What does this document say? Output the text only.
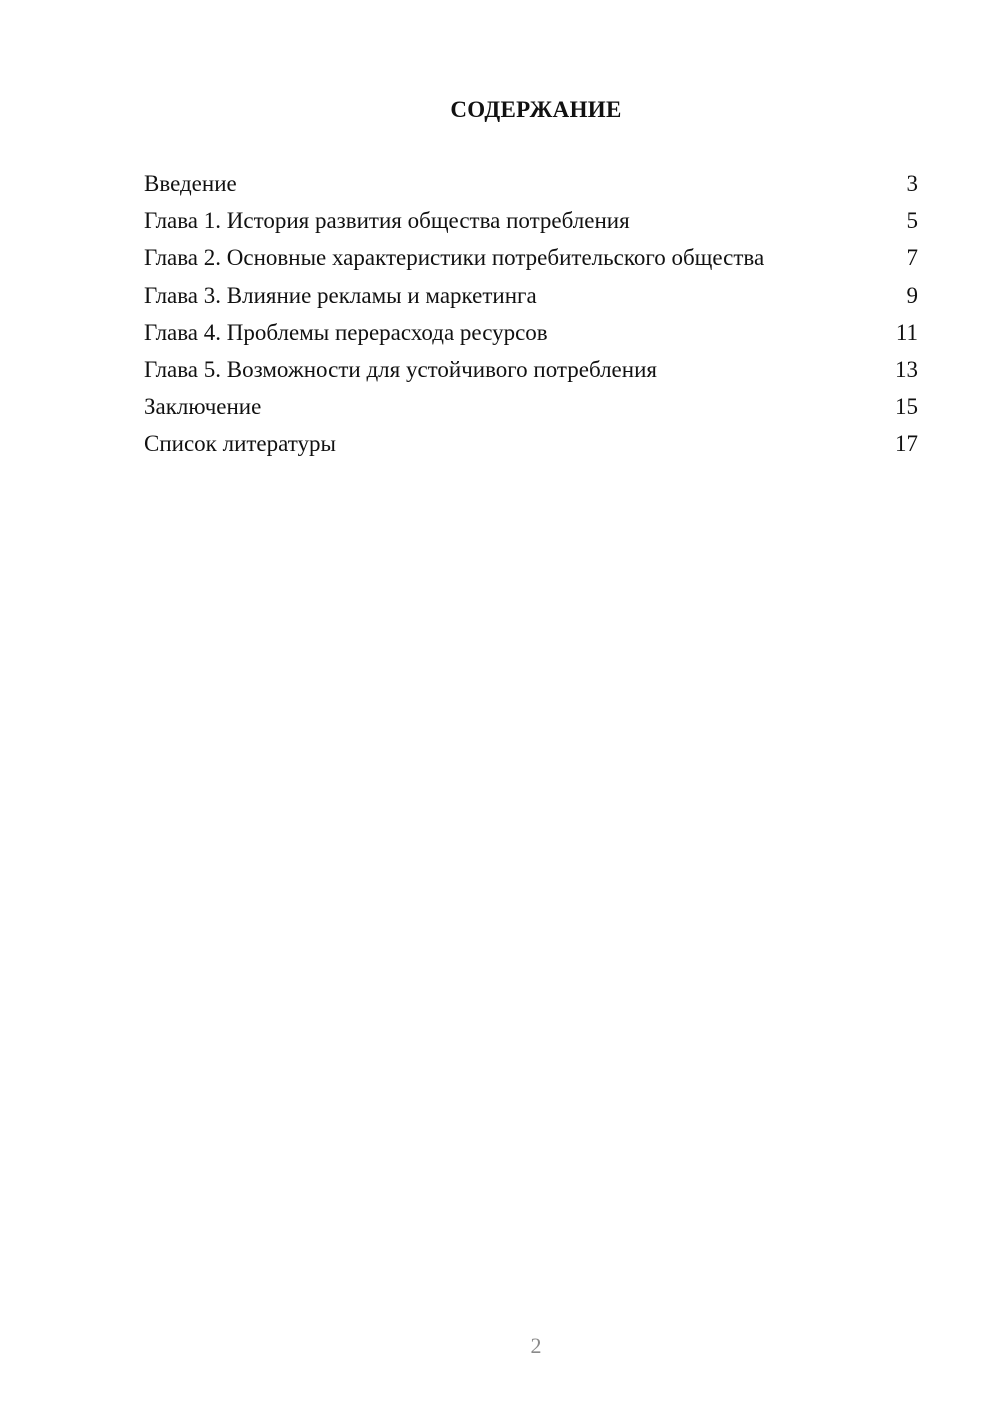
СОДЕРЖАНИЕ
Введение	3
Глава 1. История развития общества потребления	5
Глава 2. Основные характеристики потребительского общества	7
Глава 3. Влияние рекламы и маркетинга	9
Глава 4. Проблемы перерасхода ресурсов	11
Глава 5. Возможности для устойчивого потребления	13
Заключение	15
Список литературы	17
2
